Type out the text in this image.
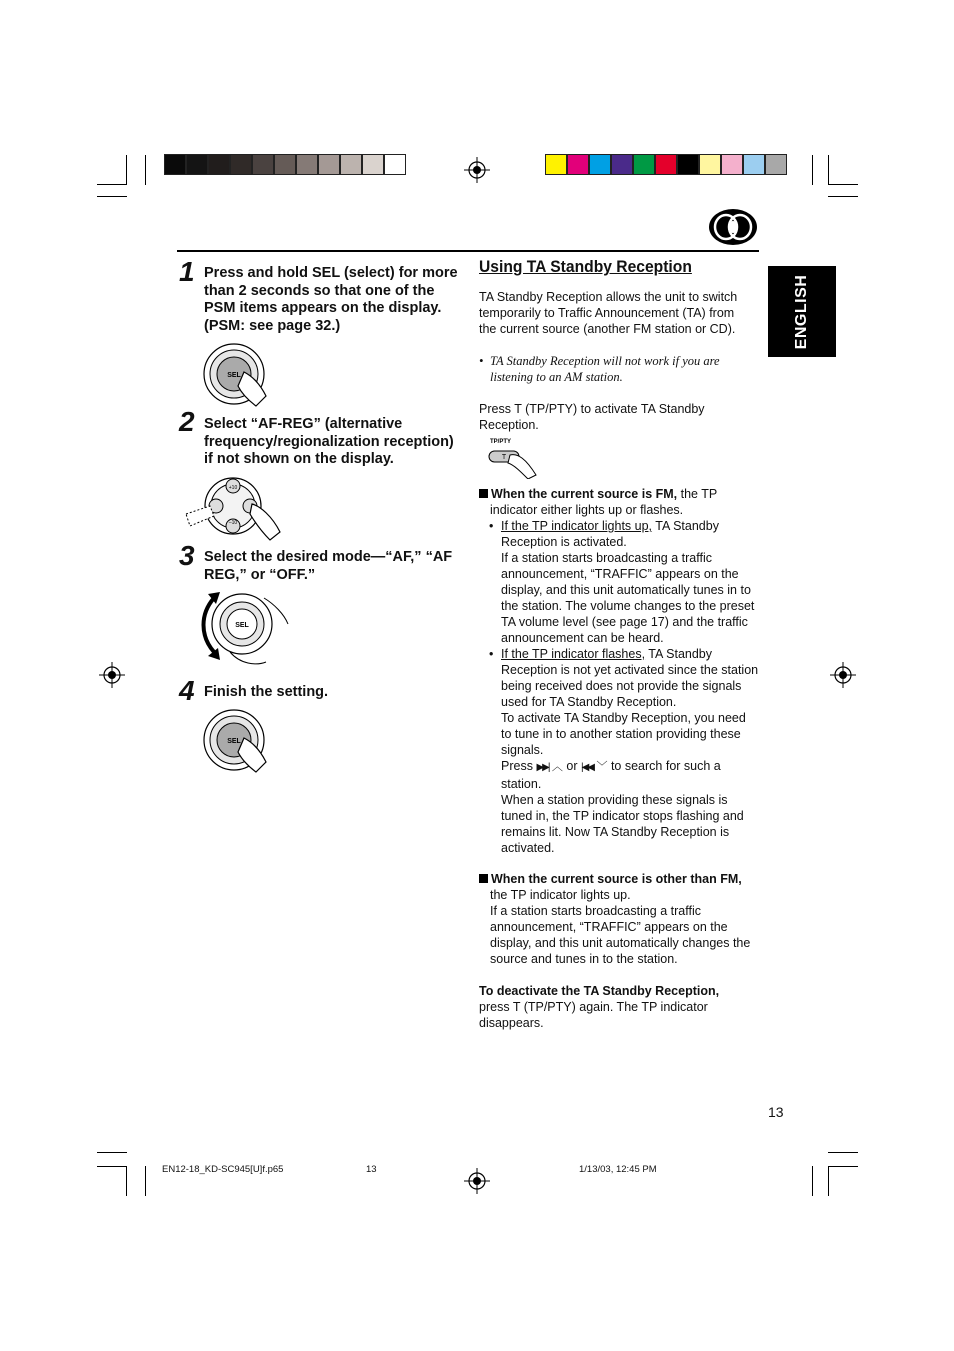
ENGLISH
1 Press and hold SEL (select) for more than 2 seconds so that one of the PSM items appears on the display. (PSM: see page 32.)
SEL
2 Select “AF-REG” (alternative frequency/regionalization reception) if not shown on the display.
+10
–10
3 Select the desired mode—“AF,” “AF REG,” or “OFF.”
SEL
4 Finish the setting.
SEL
Using TA Standby Reception
TA Standby Reception allows the unit to switch temporarily to Traffic Announcement (TA) from the current source (another FM station or CD).
• TA Standby Reception will not work if you are listening to an AM station.
Press T (TP/PTY) to activate TA Standby Reception.
TP/PTY
T
When the current source is FM, the TP indicator either lights up or flashes.
• If the TP indicator lights up, TA Standby Reception is activated.
If a station starts broadcasting a traffic announcement, “TRAFFIC” appears on the display, and this unit automatically tunes in to the station. The volume changes to the preset TA volume level (see page 17) and the traffic announcement can be heard.
• If the TP indicator flashes, TA Standby Reception is not yet activated since the station being received does not provide the signals used for TA Standby Reception.
To activate TA Standby Reception, you need to tune in to another station providing these signals.
Press ▶▶| ︿ or |◀◀ ﹀ to search for such a station.
When a station providing these signals is tuned in, the TP indicator stops flashing and remains lit. Now TA Standby Reception is activated.
When the current source is other than FM,
the TP indicator lights up.
If a station starts broadcasting a traffic announcement, “TRAFFIC” appears on the display, and this unit automatically changes the source and tunes in to the station.
To deactivate the TA Standby Reception,
press T (TP/PTY) again. The TP indicator disappears.
13
EN12-18_KD-SC945[U]f.p65	13	1/13/03, 12:45 PM
